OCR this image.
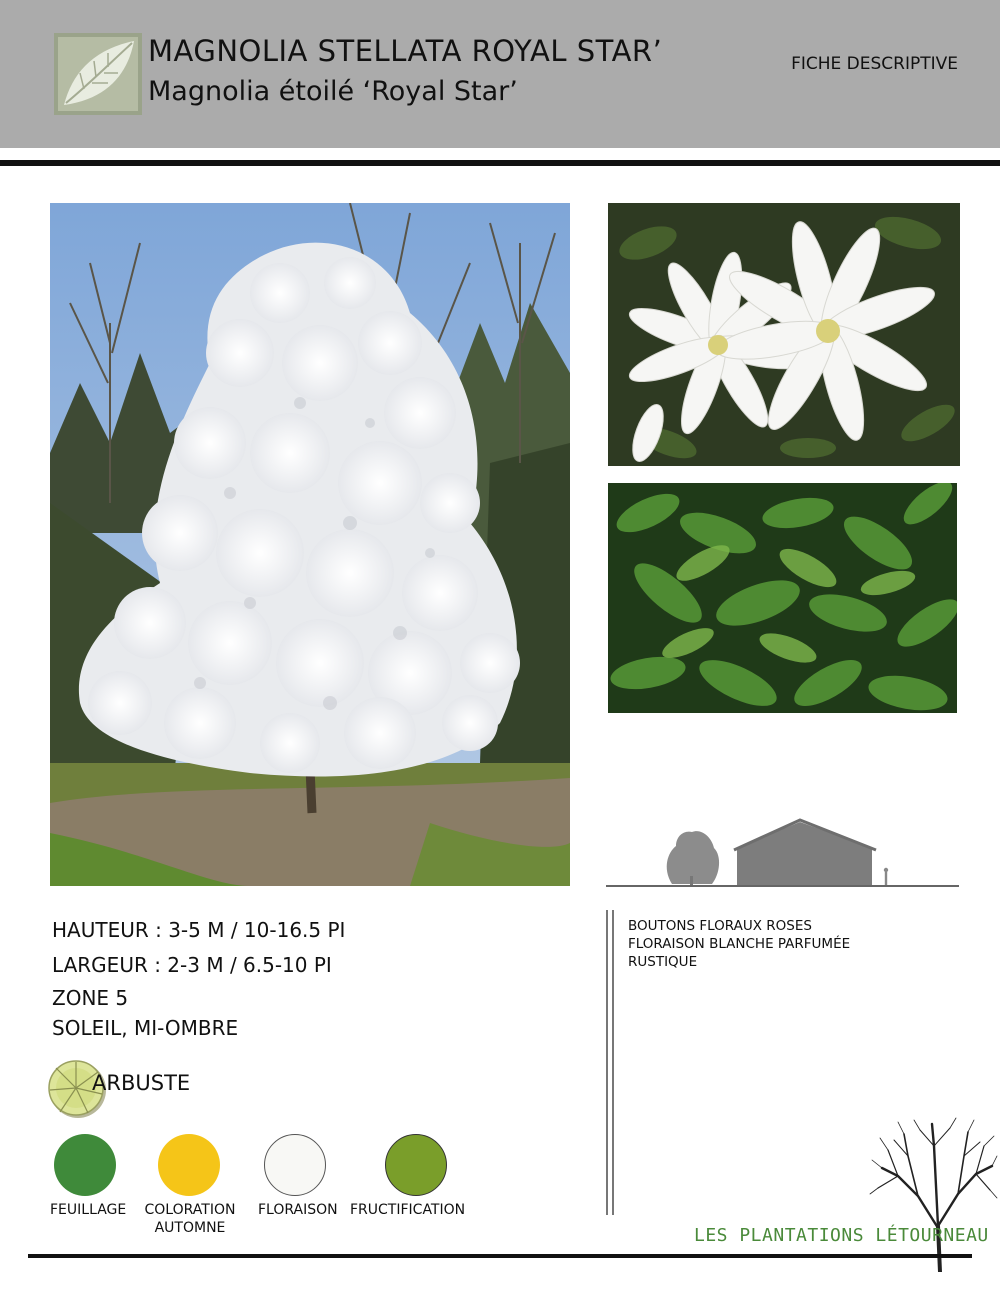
MAGNOLIA STELLATA ROYAL STAR’
Magnolia étoilé ‘Royal Star’
FICHE DESCRIPTIVE
HAUTEUR : 3-5 M / 10-16.5 PI
LARGEUR : 2-3 M / 6.5-10 PI
ZONE 5
SOLEIL, MI-OMBRE
ARBUSTE
FEUILLAGE	COLORATION AUTOMNE
FLORAISON FRUCTIFICATION
BOUTONS FLORAUX ROSES
FLORAISON BLANCHE PARFUMÉE
RUSTIQUE
LES PLANTATIONS LÉTOURNEAU
